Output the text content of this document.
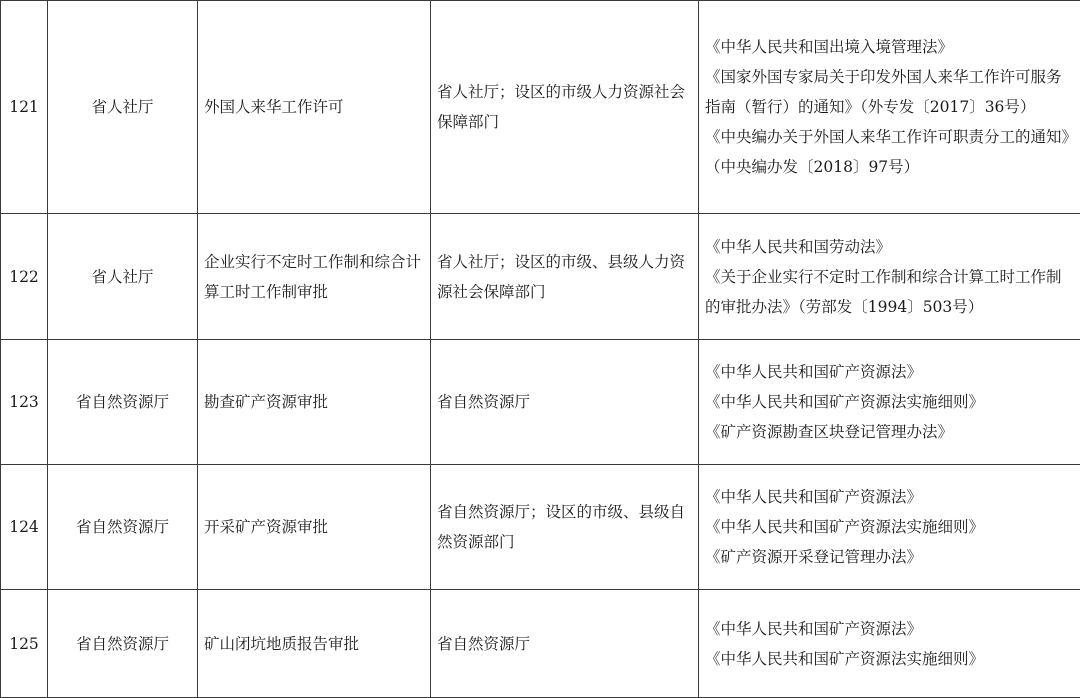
121	省人社厅	外国人来华工作许可	省人社厅；设区的市级人力资源社会保障部门	《中华人民共和国出境入境管理法》
《国家外国专家局关于印发外国人来华工作许可服务指南（暂行）的通知》（外专发〔2017〕36号）
《中央编办关于外国人来华工作许可职责分工的通知》（中央编办发〔2018〕97号）

122	省人社厅	企业实行不定时工作制和综合计算工时工作制审批	省人社厅；设区的市级、县级人力资源社会保障部门	《中华人民共和国劳动法》
《关于企业实行不定时工作制和综合计算工时工作制的审批办法》（劳部发〔1994〕503号）

123	省自然资源厅	勘查矿产资源审批	省自然资源厅	《中华人民共和国矿产资源法》
《中华人民共和国矿产资源法实施细则》
《矿产资源勘查区块登记管理办法》

124	省自然资源厅	开采矿产资源审批	省自然资源厅；设区的市级、县级自然资源部门	《中华人民共和国矿产资源法》
《中华人民共和国矿产资源法实施细则》
《矿产资源开采登记管理办法》

125	省自然资源厅	矿山闭坑地质报告审批	省自然资源厅	《中华人民共和国矿产资源法》
《中华人民共和国矿产资源法实施细则》
